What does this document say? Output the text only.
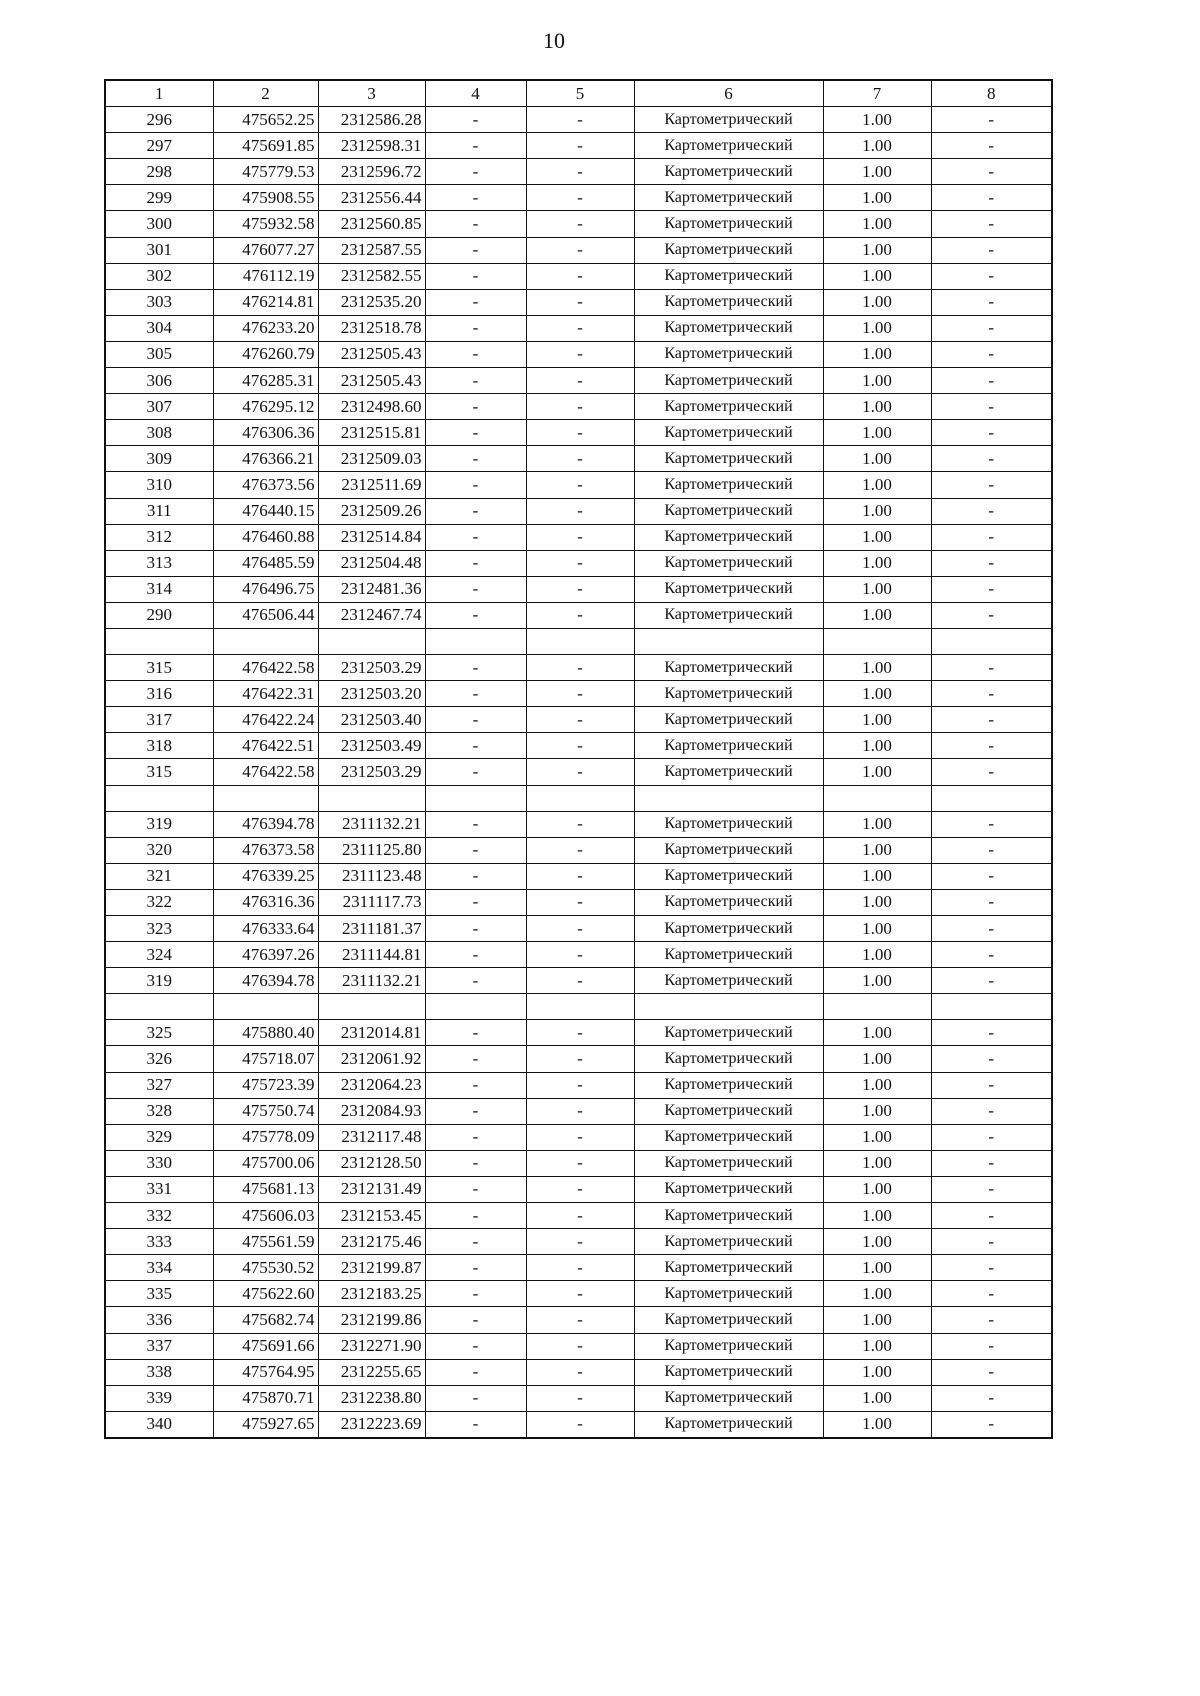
10
1	2	3	4	5	6	7	8
296	475652.25	2312586.28	-	-	Картометрический	1.00	-
297	475691.85	2312598.31	-	-	Картометрический	1.00	-
298	475779.53	2312596.72	-	-	Картометрический	1.00	-
299	475908.55	2312556.44	-	-	Картометрический	1.00	-
300	475932.58	2312560.85	-	-	Картометрический	1.00	-
301	476077.27	2312587.55	-	-	Картометрический	1.00	-
302	476112.19	2312582.55	-	-	Картометрический	1.00	-
303	476214.81	2312535.20	-	-	Картометрический	1.00	-
304	476233.20	2312518.78	-	-	Картометрический	1.00	-
305	476260.79	2312505.43	-	-	Картометрический	1.00	-
306	476285.31	2312505.43	-	-	Картометрический	1.00	-
307	476295.12	2312498.60	-	-	Картометрический	1.00	-
308	476306.36	2312515.81	-	-	Картометрический	1.00	-
309	476366.21	2312509.03	-	-	Картометрический	1.00	-
310	476373.56	2312511.69	-	-	Картометрический	1.00	-
311	476440.15	2312509.26	-	-	Картометрический	1.00	-
312	476460.88	2312514.84	-	-	Картометрический	1.00	-
313	476485.59	2312504.48	-	-	Картометрический	1.00	-
314	476496.75	2312481.36	-	-	Картометрический	1.00	-
290	476506.44	2312467.74	-	-	Картометрический	1.00	-

315	476422.58	2312503.29	-	-	Картометрический	1.00	-
316	476422.31	2312503.20	-	-	Картометрический	1.00	-
317	476422.24	2312503.40	-	-	Картометрический	1.00	-
318	476422.51	2312503.49	-	-	Картометрический	1.00	-
315	476422.58	2312503.29	-	-	Картометрический	1.00	-

319	476394.78	2311132.21	-	-	Картометрический	1.00	-
320	476373.58	2311125.80	-	-	Картометрический	1.00	-
321	476339.25	2311123.48	-	-	Картометрический	1.00	-
322	476316.36	2311117.73	-	-	Картометрический	1.00	-
323	476333.64	2311181.37	-	-	Картометрический	1.00	-
324	476397.26	2311144.81	-	-	Картометрический	1.00	-
319	476394.78	2311132.21	-	-	Картометрический	1.00	-

325	475880.40	2312014.81	-	-	Картометрический	1.00	-
326	475718.07	2312061.92	-	-	Картометрический	1.00	-
327	475723.39	2312064.23	-	-	Картометрический	1.00	-
328	475750.74	2312084.93	-	-	Картометрический	1.00	-
329	475778.09	2312117.48	-	-	Картометрический	1.00	-
330	475700.06	2312128.50	-	-	Картометрический	1.00	-
331	475681.13	2312131.49	-	-	Картометрический	1.00	-
332	475606.03	2312153.45	-	-	Картометрический	1.00	-
333	475561.59	2312175.46	-	-	Картометрический	1.00	-
334	475530.52	2312199.87	-	-	Картометрический	1.00	-
335	475622.60	2312183.25	-	-	Картометрический	1.00	-
336	475682.74	2312199.86	-	-	Картометрический	1.00	-
337	475691.66	2312271.90	-	-	Картометрический	1.00	-
338	475764.95	2312255.65	-	-	Картометрический	1.00	-
339	475870.71	2312238.80	-	-	Картометрический	1.00	-
340	475927.65	2312223.69	-	-	Картометрический	1.00	-
